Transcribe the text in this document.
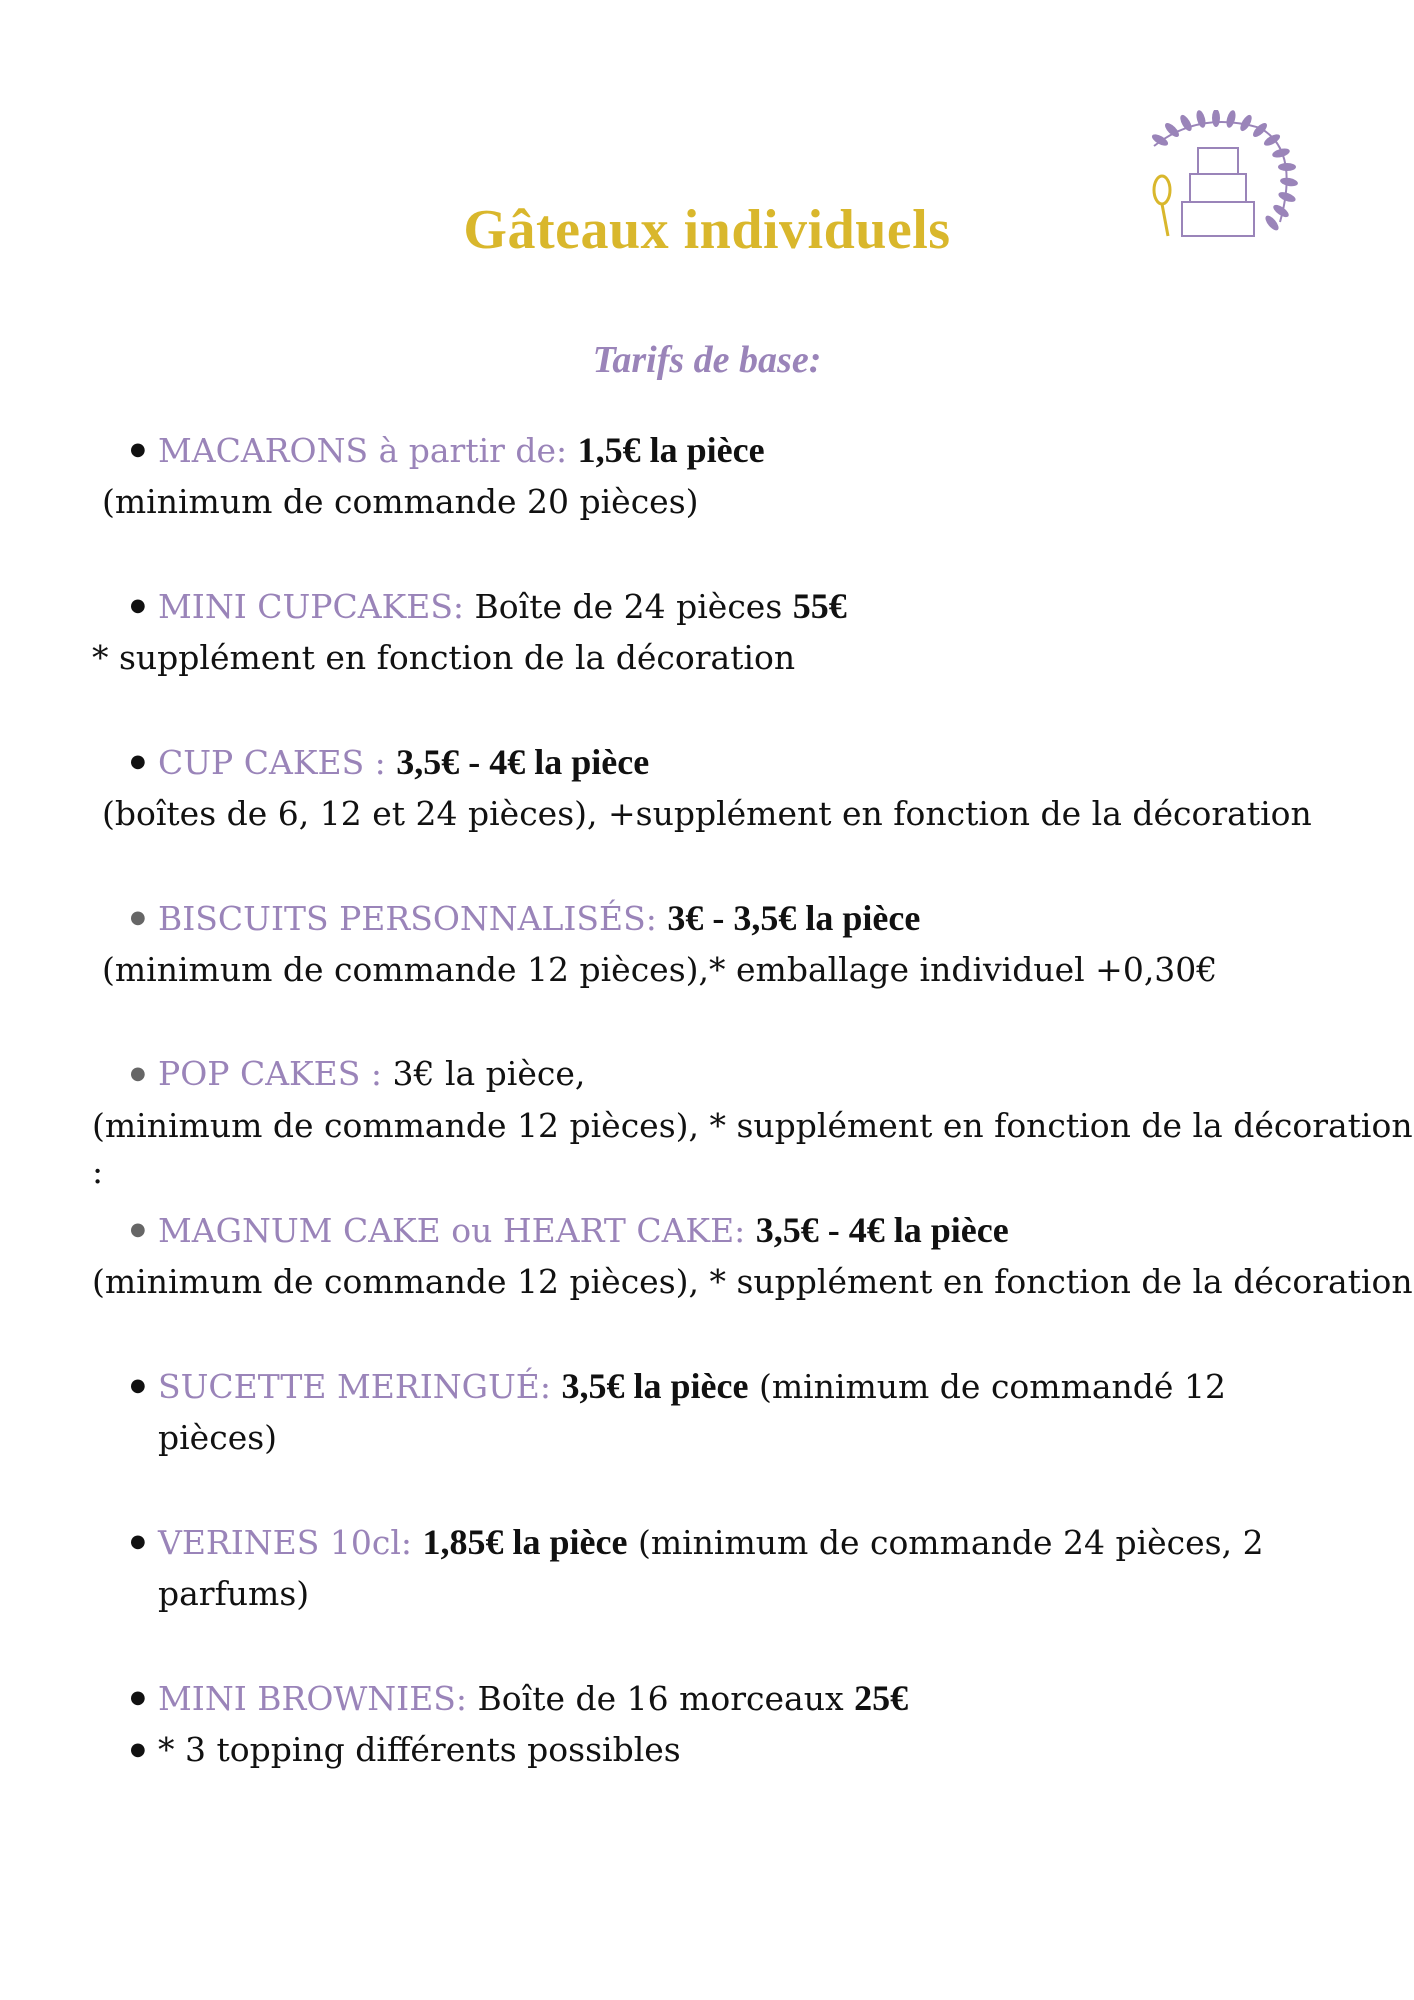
Gâteaux individuels
Tarifs de base:
● MACARONS à partir de: 1,5€ la pièce
(minimum de commande 20 pièces)
● MINI CUPCAKES: Boîte de 24 pièces 55€
* supplément en fonction de la décoration
● CUP CAKES : 3,5€ - 4€ la pièce
(boîtes de 6, 12 et 24 pièces), +supplément en fonction de la décoration
● BISCUITS PERSONNALISÉS: 3€ - 3,5€ la pièce
(minimum de commande 12 pièces),* emballage individuel +0,30€
● POP CAKES : 3€ la pièce,
(minimum de commande 12 pièces), * supplément en fonction de la décoration
:
● MAGNUM CAKE ou HEART CAKE: 3,5€ - 4€ la pièce
(minimum de commande 12 pièces), * supplément en fonction de la décoration
● SUCETTE MERINGUÉ: 3,5€ la pièce (minimum de commandé 12
pièces)
● VERINES 10cl: 1,85€ la pièce (minimum de commande 24 pièces, 2
parfums)
● MINI BROWNIES: Boîte de 16 morceaux 25€
● * 3 topping différents possibles
